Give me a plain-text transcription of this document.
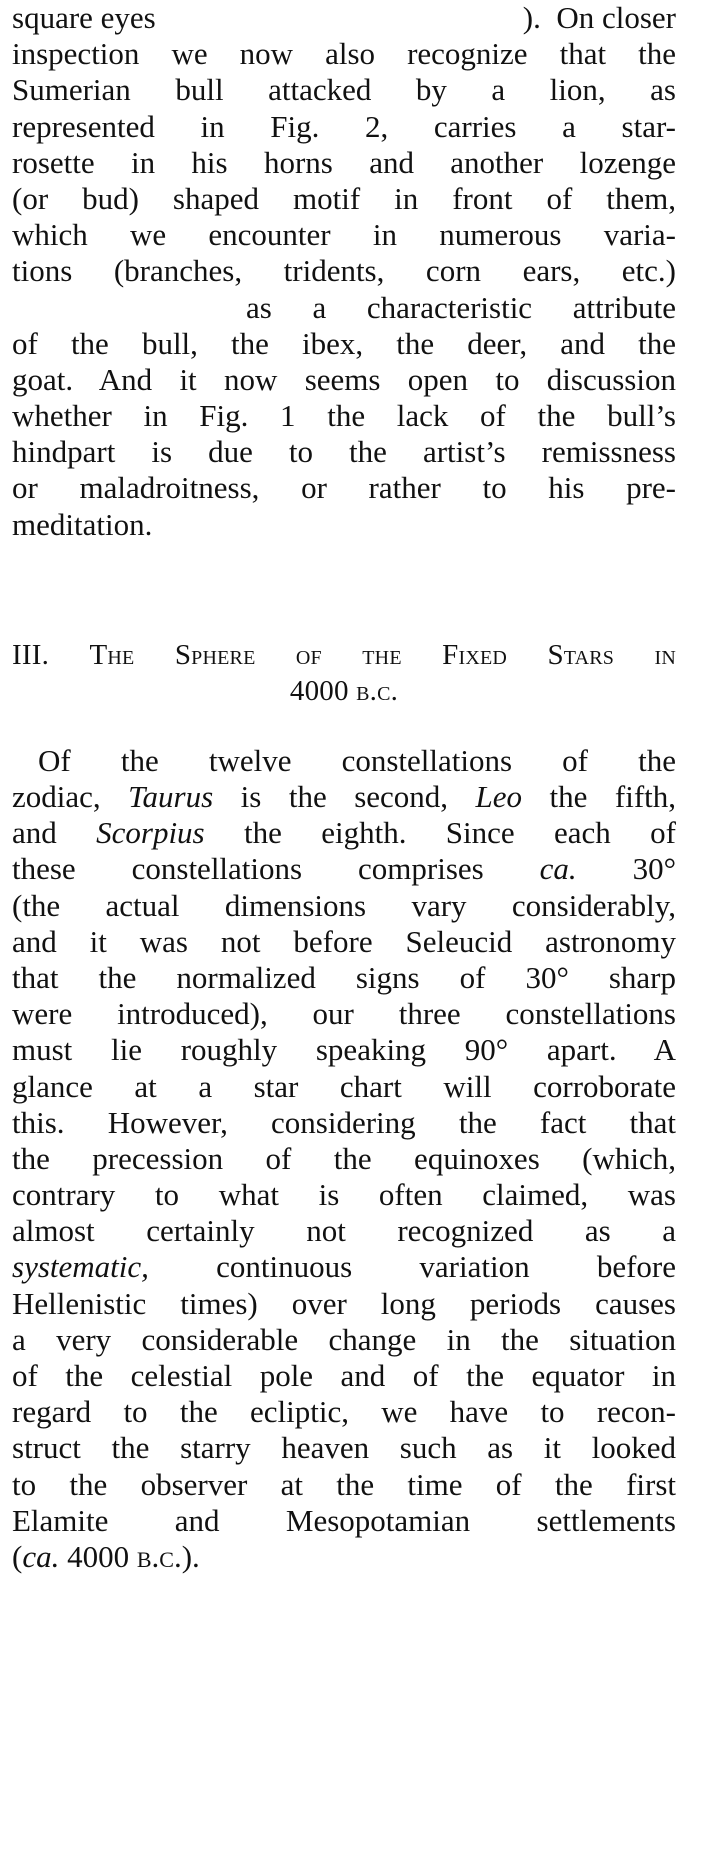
square eyes	).  On closer
inspection we now also recognize that the
Sumerian bull attacked by a lion, as
represented in Fig. 2, carries a star-
rosette in his horns and another lozenge
(or bud) shaped motif in front of them,
which we encounter in numerous varia-
tions (branches, tridents, corn ears, etc.)
as a characteristic attribute
of the bull, the ibex, the deer, and the
goat. And it now seems open to discussion
whether in Fig. 1 the lack of the bull’s
hindpart is due to the artist’s remissness
or maladroitness, or rather to his pre-
meditation.
III. The Sphere of the Fixed Stars in
4000 b.c.
Of the twelve constellations of the
zodiac, Taurus is the second, Leo the fifth,
and Scorpius the eighth. Since each of
these constellations comprises ca. 30°
(the actual dimensions vary considerably,
and it was not before Seleucid astronomy
that the normalized signs of 30° sharp
were introduced), our three constellations
must lie roughly speaking 90° apart. A
glance at a star chart will corroborate
this. However, considering the fact that
the precession of the equinoxes (which,
contrary to what is often claimed, was
almost certainly not recognized as a
systematic, continuous variation before
Hellenistic times) over long periods causes
a very considerable change in the situation
of the celestial pole and of the equator in
regard to the ecliptic, we have to recon-
struct the starry heaven such as it looked
to the observer at the time of the first
Elamite and Mesopotamian settlements
(ca. 4000 b.c.).
